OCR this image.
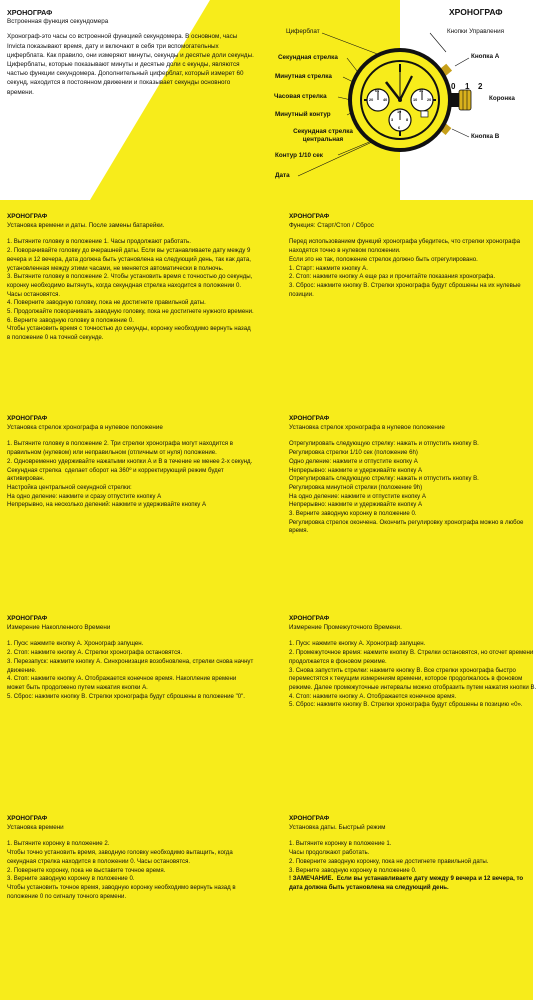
ХРОНОГРАФ
Встроенная функция секундомера
Хронограф-это часы со встроенной функцией секундомера. В основном, часы Invicta показывают время, дату и включают в себя три вспомогательных циферблата. Как правило, они измеряют минуты, секунды и десятые доли секунды. Циферблаты, которые показывают минуты и десятые доли с екунды, являются частью функции секундомера. Дополнительный циферблат, который измерет 60 секунд, находится в постоянном движении и показывает секунды основного времени.
ХРОНОГРАФ
60
20	40
30
10	20
10
6
3	8
Циферблат
Секундная стрелка
Минутная стрелка
Часовая стрелка
Минутный контур
Секундная стрелка центральная
Контур 1/10 сек
Дата
Кнопки Управления
Кнопка А
Коронка
Кнопка В
0 1 2
ХРОНОГРАФ
Установка времени и даты. После замены батарейки.
1. Вытяните головку в положение 1. Часы продолжают работать.
2. Поворачивайте головку до вчерашней даты. Если вы устанавливаете дату между 9 вечера и 12 вечера, дата должна быть установлена на следующий день, так как дата, установленная между этими часами, не меняется автоматически в полночь.
3. Вытяните головку в положение 2. Чтобы установить время с точностью до секунды, коронку необходимо вытянуть, когда секундная стрелка находится в положении 0. Часы остановятся.
4. Поверните заводную головку, пока не достигнете правильной даты.
5. Продолжайте поворачивать заводную головку, пока не достигнете нужного времени.
6. Верните заводную головку в положение 0.
Чтобы установить время с точностью до секунды, коронку необходимо вернуть назад в положение 0 на точной секунде.
ХРОНОГРАФ
Функция: Старт/Стоп / Сброс
Перед использованием функций хронографа убедитесь, что стрелки хронографа находятся точно в нулевом положении.
Если это не так, положение стрелок должно быть отрегулировано.
1. Старт: нажмите кнопку А.
2. Стоп: нажмите кнопку А еще раз и прочитайте показания хронографа.
3. Сброс: нажмите кнопку В. Стрелки хронографа будут сброшены на их нулевые позиции.
ХРОНОГРАФ
Установка стрелок хронографа в нулевое положение
1. Вытяните головку в положение 2. Три стрелки хронографа могут находится в правильном (нулевом) или неправильном (отличным от нуля) положение.
2. Одновременно удерживайте нажатыми кнопки А и В в течение не менее 2-х секунд. Секундная стрелка  сделает оборот на 360º и корректирующий режим будет активирован.
Настройка центральной секундной стрелки:
На одно деление: нажмите и сразу отпустите кнопку А
Непрерывно, на несколько делений: нажмите и удерживайте кнопку А
ХРОНОГРАФ
Установка стрелок хронографа в нулевое положение
Отрегулировать следующую стрелку: нажать и отпустить кнопку В.
Регулировка стрелки 1/10 сек (положение 6h)
Одно деление: нажмите и отпустите кнопку А
Непрерывно: нажмите и удерживайте кнопку А
Отрегулировать следующую стрелку: нажать и отпустить кнопку В.
Регулировка минутной стрелки (положение 9h)
На одно деление: нажмите и отпустите кнопку А
Непрерывно: нажмите и удерживайте кнопку А
3. Верните заводную коронку в положение 0.
Регулировка стрелок окончена. Окончить регулировку хронографа можно в любое время.
ХРОНОГРАФ
Измерение Накопленного Времени
1. Пуск: нажмите кнопку А. Хронограф запущен.
2. Стоп: нажмите кнопку А. Стрелки хронографа остановятся.
3. Перезапуск: нажмите кнопку А. Синхронизация возобновлена, стрелки снова начнут движение.
4. Стоп: нажмите кнопку А. Отображается конечное время. Накопление времени может быть продолжено путем нажатия кнопки А.
5. Сброс: нажмите кнопку В. Стрелки хронографа будут сброшены в положение "0".
ХРОНОГРАФ
Измерение Промежуточного Времени.
1. Пуск: нажмите кнопку А. Хронограф запущен.
2. Промежуточное время: нажмите кнопку В. Стрелки остановятся, но отсчет времени продолжается в фоновом режиме.
3. Снова запустить стрелки: нажмите кнопку В. Все стрелки хронографа быстро переместятся к текущим измерениям времени, которое продолжалось в фоновом режиме. Далее промежуточные интервалы можно отобразить путем нажатия кнопки В.
4. Стоп: нажмите кнопку А. Отображается конечное время.
5. Сброс: нажмите кнопку В. Стрелки хронографа будут сброшены в позицию «0».
ХРОНОГРАФ
Установка времени
1. Вытяните коронку в положение 2.
Чтобы точно установить время, заводную головку необходимо вытащить, когда секундная стрелка находится в положении 0. Часы остановятся.
2. Поверните коронку, пока не выставите точное время.
3. Верните заводную коронку в положение 0.
Чтобы установить точное время, заводную коронку необходимо вернуть назад в положение 0 по сигналу точного времени.
ХРОНОГРАФ
Установка даты. Быстрый режим
1. Вытяните коронку в положение 1.
Часы продолжают работать.
2. Поверните заводную коронку, пока не достигнете правильной даты.
3. Верните заводную коронку в положение 0.
! ЗАМЕЧАНИЕ.  Если вы устанавливаете дату между 9 вечера и 12 вечера, то дата должна быть установлена на следующий день.
